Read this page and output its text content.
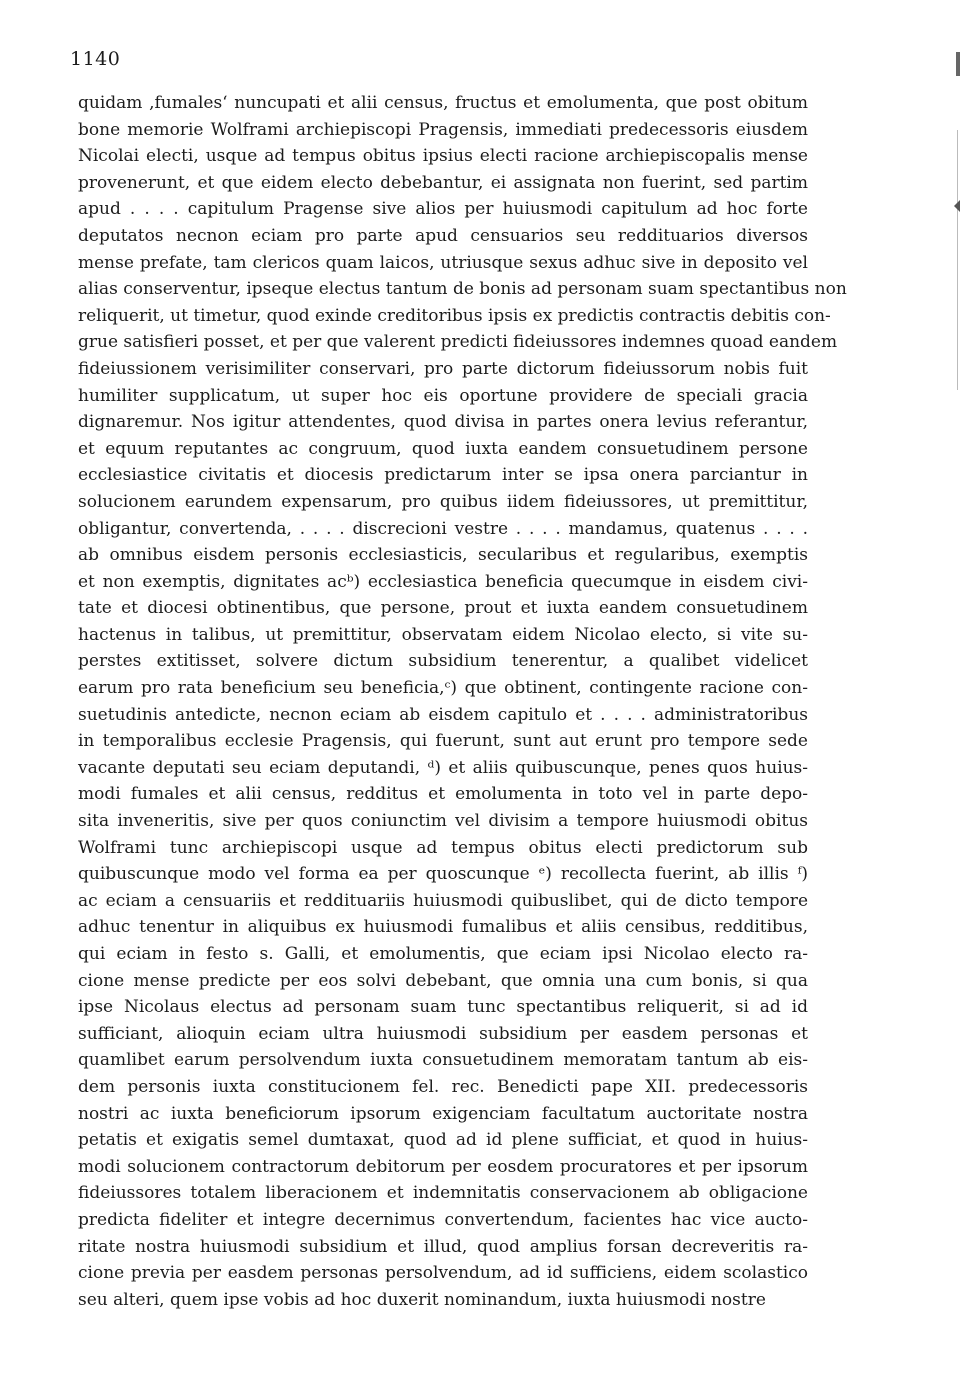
1140
quidam ‚fumales‘ nuncupati et alii census, fructus et emolumenta, que post obitum
bone memorie Wolframi archiepiscopi Pragensis, immediati predecessoris eiusdem
Nicolai electi, usque ad tempus obitus ipsius electi racione archiepiscopalis mense
provenerunt, et que eidem electo debebantur, ei assignata non fuerint, sed partim
apud . . . . capitulum Pragense sive alios per huiusmodi capitulum ad hoc forte
deputatos necnon eciam pro parte apud censuarios seu reddituarios diversos
mense prefate, tam clericos quam laicos, utriusque sexus adhuc sive in deposito vel
alias conserventur, ipseque electus tantum de bonis ad personam suam spectantibus non
reliquerit, ut timetur, quod exinde creditoribus ipsis ex predictis contractis debitis con-
grue satisfieri posset, et per que valerent predicti fideiussores indemnes quoad eandem
fideiussionem verisimiliter conservari, pro parte dictorum fideiussorum nobis fuit
humiliter supplicatum, ut super hoc eis oportune providere de speciali gracia
dignaremur. Nos igitur attendentes, quod divisa in partes onera levius referantur,
et equum reputantes ac congruum, quod iuxta eandem consuetudinem persone
ecclesiastice civitatis et diocesis predictarum inter se ipsa onera parciantur in
solucionem earundem expensarum, pro quibus iidem fideiussores, ut premittitur,
obligantur, convertenda, . . . . discrecioni vestre . . . . mandamus, quatenus . . . .
ab omnibus eisdem personis ecclesiasticis, secularibus et regularibus, exemptis
et non exemptis, dignitates acᵇ) ecclesiastica beneficia quecumque in eisdem civi-
tate et diocesi obtinentibus, que persone, prout et iuxta eandem consuetudinem
hactenus in talibus, ut premittitur, observatam eidem Nicolao electo, si vite su-
perstes extitisset, solvere dictum subsidium tenerentur, a qualibet videlicet
earum pro rata beneficium seu beneficia,ᶜ) que obtinent, contingente racione con-
suetudinis antedicte, necnon eciam ab eisdem capitulo et . . . . administratoribus
in temporalibus ecclesie Pragensis, qui fuerunt, sunt aut erunt pro tempore sede
vacante deputati seu eciam deputandi, ᵈ) et aliis quibuscunque, penes quos huius-
modi fumales et alii census, redditus et emolumenta in toto vel in parte depo-
sita inveneritis, sive per quos coniunctim vel divisim a tempore huiusmodi obitus
Wolframi tunc archiepiscopi usque ad tempus obitus electi predictorum sub
quibuscunque modo vel forma ea per quoscunque ᵉ) recollecta fuerint, ab illis ᶠ)
ac eciam a censuariis et reddituariis huiusmodi quibuslibet, qui de dicto tempore
adhuc tenentur in aliquibus ex huiusmodi fumalibus et aliis censibus, redditibus,
qui eciam in festo s. Galli, et emolumentis, que eciam ipsi Nicolao electo ra-
cione mense predicte per eos solvi debebant, que omnia una cum bonis, si qua
ipse Nicolaus electus ad personam suam tunc spectantibus reliquerit, si ad id
sufficiant, alioquin eciam ultra huiusmodi subsidium per easdem personas et
quamlibet earum persolvendum iuxta consuetudinem memoratam tantum ab eis-
dem personis iuxta constitucionem fel. rec. Benedicti pape XII. predecessoris
nostri ac iuxta beneficiorum ipsorum exigenciam facultatum auctoritate nostra
petatis et exigatis semel dumtaxat, quod ad id plene sufficiat, et quod in huius-
modi solucionem contractorum debitorum per eosdem procuratores et per ipsorum
fideiussores totalem liberacionem et indemnitatis conservacionem ab obligacione
predicta fideliter et integre decernimus convertendum, facientes hac vice aucto-
ritate nostra huiusmodi subsidium et illud, quod amplius forsan decreveritis ra-
cione previa per easdem personas persolvendum, ad id sufficiens, eidem scolastico
seu alteri, quem ipse vobis ad hoc duxerit nominandum, iuxta huiusmodi nostre
